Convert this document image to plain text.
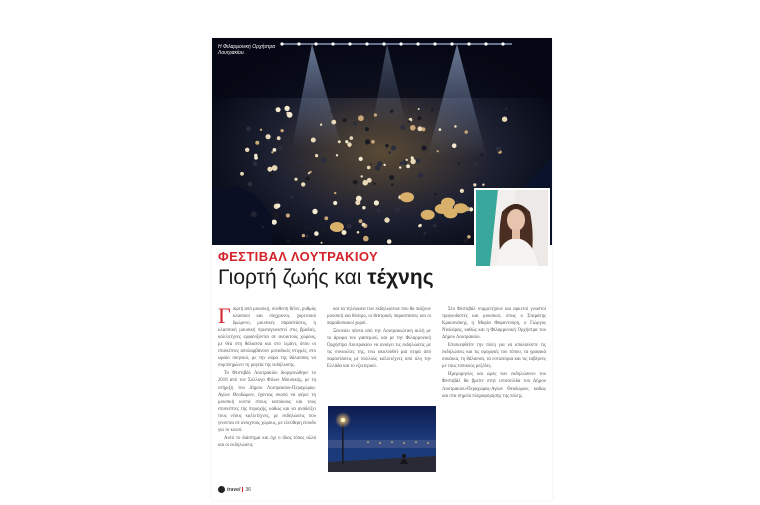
Η Φιλαρμονική Ορχήστρα Λουτρακίου.
ΦΕΣΤΙΒΑΛ ΛΟΥΤΡΑΚΙΟΥ
Γιορτή ζωής και τέχνης
Γ ιορτή από μουσική, σύνθεση θέλει, ρυθμός κλασικοί και σύγχρονοι, χορευτικό δρώμενο, μουσικές παραστάσεις, η κλασσική μουσική πρωταγωνιστεί στις βραδιές, καλλιτέχνες εμφανίζονται σε ανοικτούς χώρους, με θέα στη θάλασσα και στο λιμάνι, όπου οι επισκέπτες απολαμβάνουν μοναδικές στιγμές, στο ωραίο σκηνικό, με την αύρα της θάλασσας να συμπληρώνει τη μαγεία της εκδήλωσης.

Το Φεστιβάλ Λουτρακίου διοργανώθηκε το 2018 από τον Σύλλογο Φίλων Μουσικής, με τη στήριξη του Δήμου Λουτρακίου-Περαχώρας-Αγίων Θεοδώρων, έχοντας σκοπό να φέρει τη μουσική κοντά στους κατοίκους και τους επισκέπτες της περιοχής, καθώς και να αναδείξει τους νέους καλλιτέχνες, με εκδηλώσεις που γίνονται σε ανοιχτούς χώρους, με ελεύθερη είσοδο για το κοινό.

Αυτό το διάστημα και όχι ο ίδιος τόπος αλλά και οι εκδηλώσεις

και τα τηλέφωνα των εκδηλώσεων που θα παίξουν μουσική και θέατρο, οι θεατρικές παραστάσεις και οι παραδοσιακοί χοροί.

Ξεκινάει πάντα από την Λουτρακιώτικη αυλή με το άρωμα του γιασεμιού, και με την Φιλαρμονική Ορχήστρα Λουτρακίου να ανοίγει τις εκδηλώσεις με τις συναυλίες της, ενώ ακολουθεί μια σειρά από παραστάσεις με πολλούς καλλιτέχνες από όλη την Ελλάδα και το εξωτερικό.

Στο Φεστιβάλ συμμετέχουν και αρκετοί γνωστοί τραγουδιστές και μουσικοί, όπως ο Σταμάτης Κραουνάκης, η Μαρία Φαραντούρη, ο Γιώργος Νταλάρας, καθώς και η Φιλαρμονική Ορχήστρα του Δήμου Λουτρακίου.

Επισκεφθείτε την πόλη για να απολαύσετε τις εκδηλώσεις και τις ομορφιές του τόπου, τα γραφικά σοκάκια, τη θάλασσα, τα εστιατόρια και τις ταβέρνες με τους τοπικούς μεζέδες.

Ημερομηνίες και ώρες των εκδηλώσεων του Φεστιβάλ θα βρείτε στην ιστοσελίδα του Δήμου Λουτρακίου-Περαχώρας-Αγίων Θεοδώρων, καθώς και στα σημεία πληροφόρησης της πόλης.

travel 36
